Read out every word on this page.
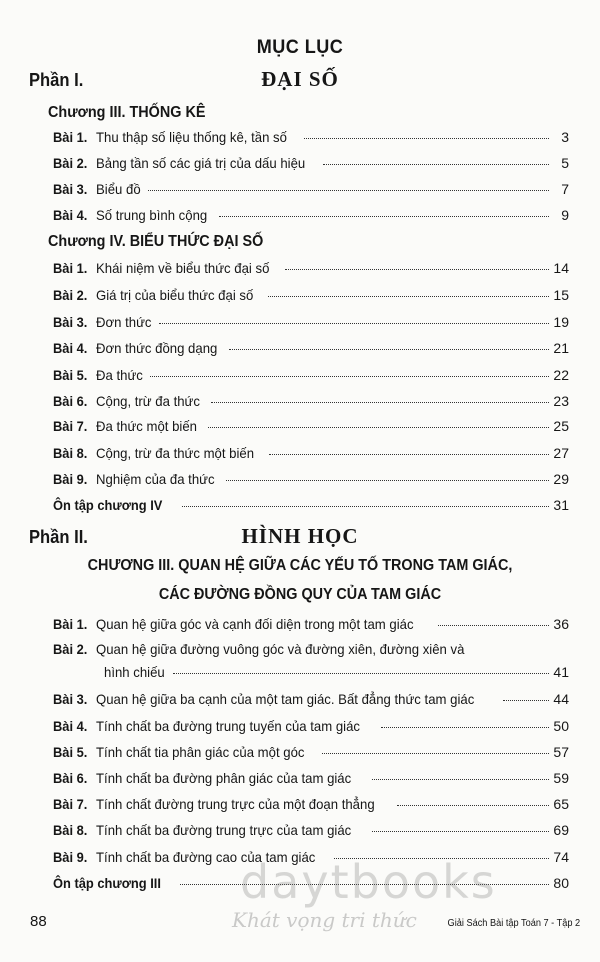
MỤC LỤC
Phần I.	ĐẠI SỐ
Chương III. THỐNG KÊ
Bài 1. Thu thập số liệu thống kê, tần số	3
Bài 2. Bảng tần số các giá trị của dấu hiệu	5
Bài 3. Biểu đồ	7
Bài 4. Số trung bình cộng	9
Chương IV. BIỂU THỨC ĐẠI SỐ
Bài 1. Khái niệm về biểu thức đại số	14
Bài 2. Giá trị của biểu thức đại số	15
Bài 3. Đơn thức	19
Bài 4. Đơn thức đồng dạng	21
Bài 5. Đa thức	22
Bài 6. Cộng, trừ đa thức	23
Bài 7. Đa thức một biến	25
Bài 8. Cộng, trừ đa thức một biến	27
Bài 9. Nghiệm của đa thức	29
Ôn tập chương IV	31
Phần II.	HÌNH HỌC
CHƯƠNG III. QUAN HỆ GIỮA CÁC YẾU TỐ TRONG TAM GIÁC,
CÁC ĐƯỜNG ĐỒNG QUY CỦA TAM GIÁC
Bài 1. Quan hệ giữa góc và cạnh đối diện trong một tam giác	36
Bài 2. Quan hệ giữa đường vuông góc và đường xiên, đường xiên và
hình chiếu	41
Bài 3. Quan hệ giữa ba cạnh của một tam giác. Bất đẳng thức tam giác	44
Bài 4. Tính chất ba đường trung tuyến của tam giác	50
Bài 5. Tính chất tia phân giác của một góc	57
Bài 6. Tính chất ba đường phân giác của tam giác	59
Bài 7. Tính chất đường trung trực của một đoạn thẳng	65
Bài 8. Tính chất ba đường trung trực của tam giác	69
Bài 9. Tính chất ba đường cao của tam giác	74
Ôn tập chương III	80
daytbooks
Khát vọng tri thức
88	Giải Sách Bài tập Toán 7 - Tập 2
